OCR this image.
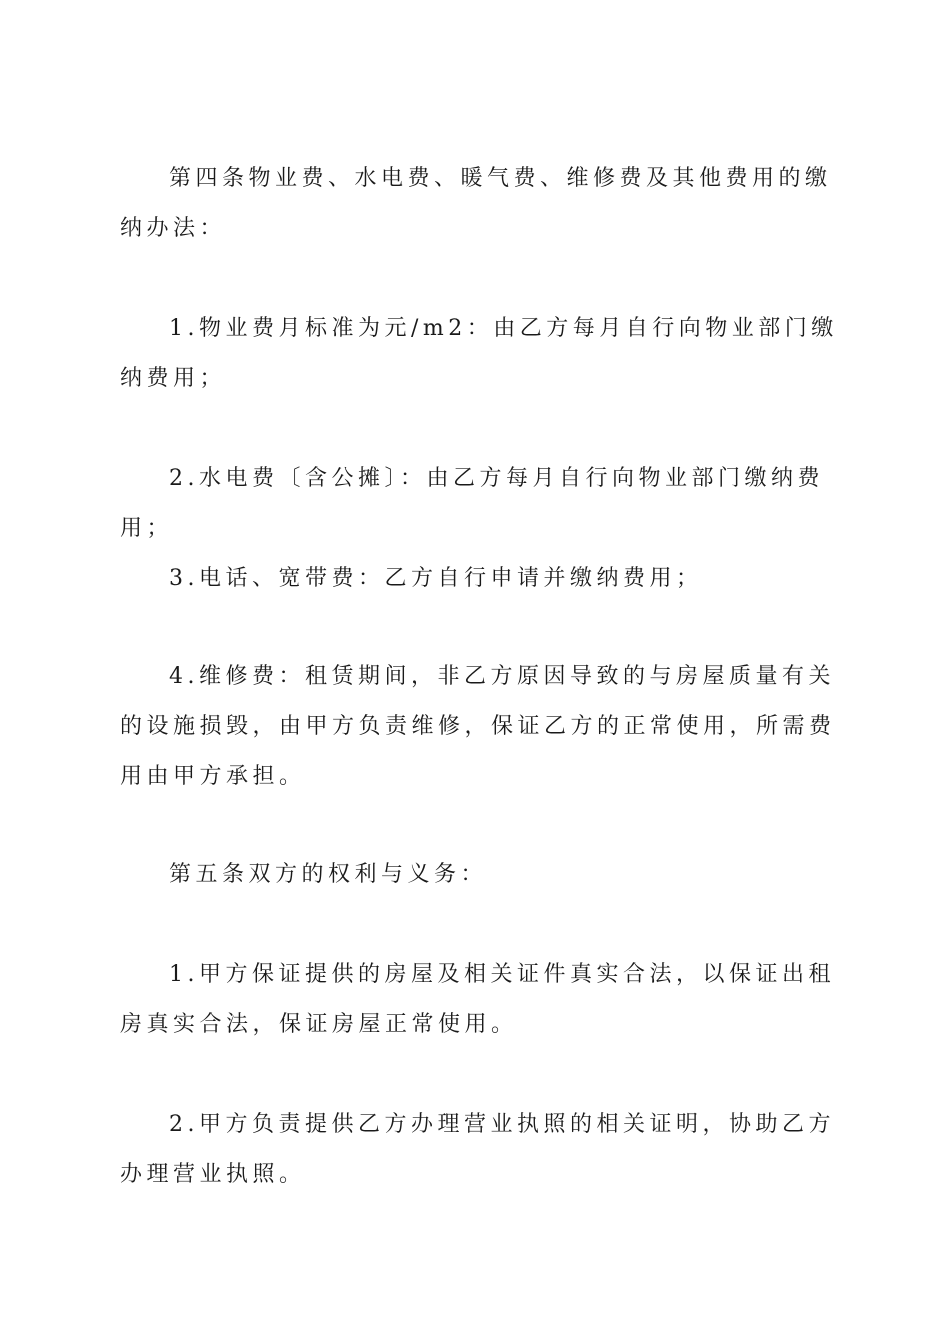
第四条物业费、水电费、暖气费、维修费及其他费用的缴纳办法：

1.物业费月标准为元/m2：由乙方每月自行向物业部门缴纳费用；

2.水电费〔含公摊〕：由乙方每月自行向物业部门缴纳费用；

3.电话、宽带费：乙方自行申请并缴纳费用；

4.维修费：租赁期间，非乙方原因导致的与房屋质量有关的设施损毁，由甲方负责维修，保证乙方的正常使用，所需费用由甲方承担。

第五条双方的权利与义务：

1.甲方保证提供的房屋及相关证件真实合法，以保证出租房真实合法，保证房屋正常使用。

2.甲方负责提供乙方办理营业执照的相关证明，协助乙方办理营业执照。
